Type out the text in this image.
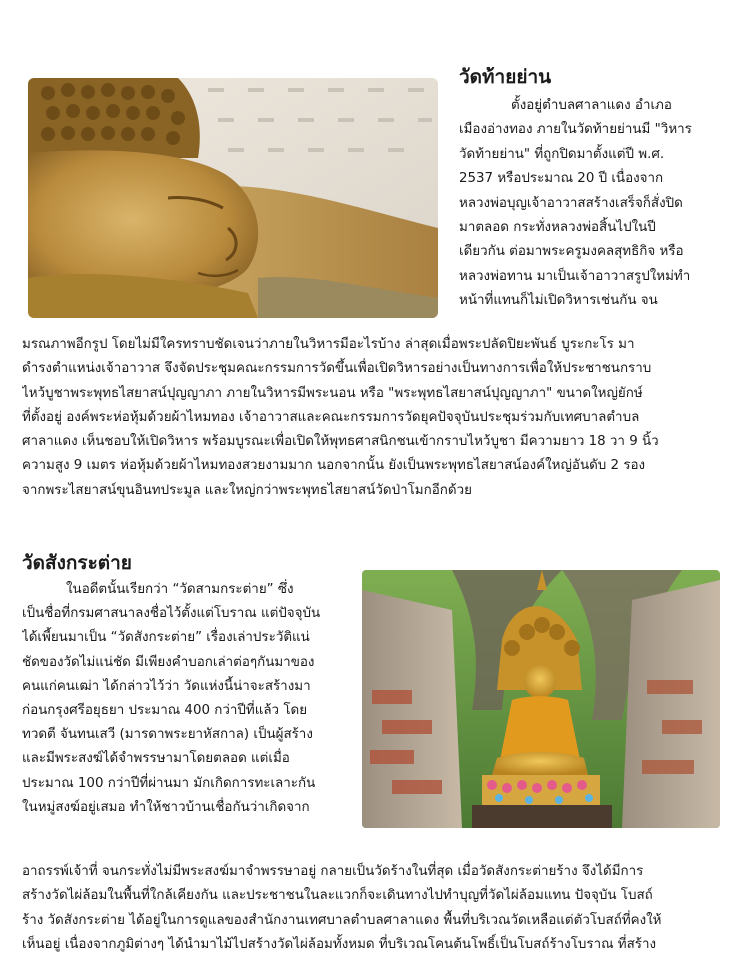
วัดท้ายย่าน
ตั้งอยู่ตำบลศาลาแดง อำเภอ
เมืองอ่างทอง ภายในวัดท้ายย่านมี "วิหาร
วัดท้ายย่าน" ที่ถูกปิดมาตั้งแต่ปี พ.ศ.
2537 หรือประมาณ 20 ปี เนื่องจาก
หลวงพ่อบุญเจ้าอาวาสสร้างเสร็จก็สั่งปิด
มาตลอด กระทั่งหลวงพ่อสิ้นไปในปี
เดียวกัน ต่อมาพระครูมงคลสุทธิกิจ หรือ
หลวงพ่อทาน มาเป็นเจ้าอาวาสรูปใหม่ทำ
หน้าที่แทนก็ไม่เปิดวิหารเช่นกัน จน
มรณภาพอีกรูป โดยไม่มีใครทราบชัดเจนว่าภายในวิหารมีอะไรบ้าง ล่าสุดเมื่อพระปลัดปิยะพันธ์ บูระกะโร มา
ดำรงตำแหน่งเจ้าอาวาส จึงจัดประชุมคณะกรรมการวัดขึ้นเพื่อเปิดวิหารอย่างเป็นทางการเพื่อให้ประชาชนกราบ
ไหว้บูชาพระพุทธไสยาสน์ปุญญาภา ภายในวิหารมีพระนอน หรือ "พระพุทธไสยาสน์ปุญญาภา" ขนาดใหญ่ยักษ์
ที่ตั้งอยู่ องค์พระห่อหุ้มด้วยผ้าไหมทอง เจ้าอาวาสและคณะกรรมการวัดยุคปัจจุบันประชุมร่วมกับเทศบาลตำบล
ศาลาแดง เห็นชอบให้เปิดวิหาร พร้อมบูรณะเพื่อเปิดให้พุทธศาสนิกชนเข้ากราบไหว้บูชา มีความยาว 18 วา 9 นิ้ว
ความสูง 9 เมตร ห่อหุ้มด้วยผ้าไหมทองสวยงามมาก นอกจากนั้น ยังเป็นพระพุทธไสยาสน์องค์ใหญ่อันดับ 2 รอง
จากพระไสยาสน์ขุนอินทประมูล และใหญ่กว่าพระพุทธไสยาสน์วัดป่าโมกอีกด้วย
วัดสังกระต่าย
ในอดีตนั้นเรียกว่า “วัดสามกระต่าย” ซึ่ง
เป็นชื่อที่กรมศาสนาลงชื่อไว้ตั้งแต่โบราณ แต่ปัจจุบัน
ได้เพี้ยนมาเป็น “วัดสังกระต่าย” เรื่องเล่าประวัติแน่
ชัดของวัดไม่แน่ชัด มีเพียงคำบอกเล่าต่อๆกันมาของ
คนแก่คนเฒ่า ได้กล่าวไว้ว่า วัดแห่งนี้น่าจะสร้างมา
ก่อนกรุงศรีอยุธยา ประมาณ 400 กว่าปีที่แล้ว โดย
ทวดตี จันทนเสวี (มารดาพระยาหัสกาล) เป็นผู้สร้าง
และมีพระสงฆ์ได้จำพรรษามาโดยตลอด แต่เมื่อ
ประมาณ 100 กว่าปีที่ผ่านมา มักเกิดการทะเลาะกัน
ในหมู่สงฆ์อยู่เสมอ ทำให้ชาวบ้านเชื่อกันว่าเกิดจาก
อาถรรพ์เจ้าที่ จนกระทั่งไม่มีพระสงฆ์มาจำพรรษาอยู่ กลายเป็นวัดร้างในที่สุด เมื่อวัดสังกระต่ายร้าง จึงได้มีการ
สร้างวัดไผ่ล้อมในพื้นที่ใกล้เคียงกัน และประชาชนในละแวกก็จะเดินทางไปทำบุญที่วัดไผ่ล้อมแทน ปัจจุบัน โบสถ์
ร้าง วัดสังกระต่าย ได้อยู่ในการดูแลของสำนักงานเทศบาลตำบลศาลาแดง พื้นที่บริเวณวัดเหลือแต่ตัวโบสถ์ที่คงให้
เห็นอยู่ เนื่องจากภูมิต่างๆ ได้นำมาไม้ไปสร้างวัดไผ่ล้อมทั้งหมด ที่บริเวณโคนต้นโพธิ์เป็นโบสถ์ร้างโบราณ ที่สร้าง
